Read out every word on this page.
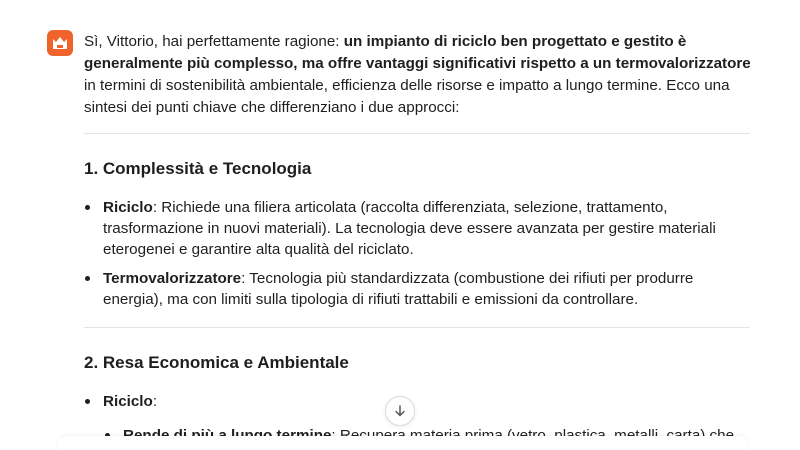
Sì, Vittorio, hai perfettamente ragione: un impianto di riciclo ben progettato e gestito è generalmente più complesso, ma offre vantaggi significativi rispetto a un termovalorizzatore in termini di sostenibilità ambientale, efficienza delle risorse e impatto a lungo termine. Ecco una sintesi dei punti chiave che differenziano i due approcci:

1. Complessità e Tecnologia
Riciclo: Richiede una filiera articolata (raccolta differenziata, selezione, trattamento, trasformazione in nuovi materiali). La tecnologia deve essere avanzata per gestire materiali eterogenei e garantire alta qualità del riciclato.
Termovalorizzatore: Tecnologia più standardizzata (combustione dei rifiuti per produrre energia), ma con limiti sulla tipologia di rifiuti trattabili e emissioni da controllare.
2. Resa Economica e Ambientale
Riciclo:
